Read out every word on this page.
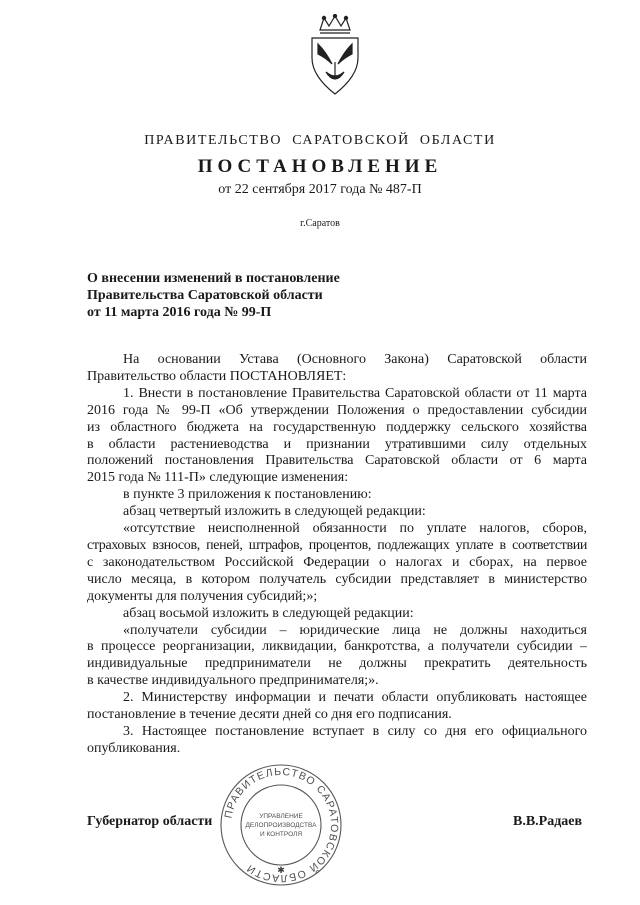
ПРАВИТЕЛЬСТВО САРАТОВСКОЙ ОБЛАСТИ
ПОСТАНОВЛЕНИЕ
от 22 сентября 2017 года № 487-П
г.Саратов
О внесении изменений в постановление
Правительства Саратовской области
от 11 марта 2016 года № 99-П
На основании Устава (Основного Закона) Саратовской области
Правительство области ПОСТАНОВЛЯЕТ:
1. Внести в постановление Правительства Саратовской области от 11 марта
2016 года № 99-П «Об утверждении Положения о предоставлении субсидии
из областного бюджета на государственную поддержку сельского хозяйства
в области растениеводства и признании утратившими силу отдельных
положений постановления Правительства Саратовской области от 6 марта
2015 года № 111-П» следующие изменения:
в пункте 3 приложения к постановлению:
абзац четвертый изложить в следующей редакции:
«отсутствие неисполненной обязанности по уплате налогов, сборов,
страховых взносов, пеней, штрафов, процентов, подлежащих уплате в соответствии
с законодательством Российской Федерации о налогах и сборах, на первое
число месяца, в котором получатель субсидии представляет в министерство
документы для получения субсидий;»;
абзац восьмой изложить в следующей редакции:
«получатели субсидии – юридические лица не должны находиться
в процессе реорганизации, ликвидации, банкротства, а получатели субсидии –
индивидуальные предприниматели не должны прекратить деятельность
в качестве индивидуального предпринимателя;».
2. Министерству информации и печати области опубликовать настоящее
постановление в течение десяти дней со дня его подписания.
3. Настоящее постановление вступает в силу со дня его официального
опубликования.
Губернатор области	В.В.Радаев
ПРАВИТЕЛЬСТВО САРАТОВСКОЙ ОБЛАСТИ
УПРАВЛЕНИЕ
ДЕЛОПРОИЗВОДСТВА
И КОНТРОЛЯ
✱
